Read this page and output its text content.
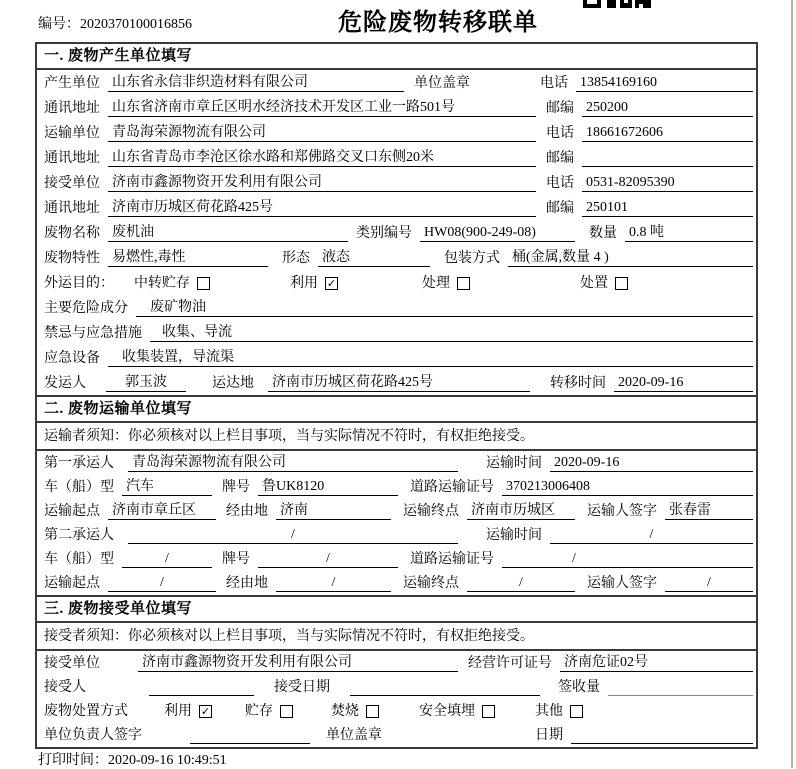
编号：2020370100016856	危险废物转移联单
一. 废物产生单位填写
产生单位 山东省永信非织造材料有限公司	单位盖章	电话 13854169160
通讯地址 山东省济南市章丘区明水经济技术开发区工业一路501号	邮编 250200
运输单位 青岛海荣源物流有限公司	电话 18661672606
通讯地址 山东省青岛市李沧区徐水路和郑佛路交叉口东侧20米	邮编
接受单位 济南市鑫源物资开发利用有限公司	电话 0531-82095390
通讯地址 济南市历城区荷花路425号	邮编 250101
废物名称 废机油	类别编号 HW08(900-249-08)	数量 0.8 吨
废物特性 易燃性,毒性	形态 液态	包装方式 桶(金属,数量 4 )
外运目的：	中转贮存	利用 ✓	处理	处置
主要危险成分	废矿物油
禁忌与应急措施	收集、导流
应急设备	收集装置，导流渠
发运人	郭玉波	运达地	济南市历城区荷花路425号	转移时间 2020-09-16
二. 废物运输单位填写
运输者须知：你必须核对以上栏目事项，当与实际情况不符时，有权拒绝接受。
第一承运人	青岛海荣源物流有限公司	运输时间 2020-09-16
车（船）型 汽车	牌号 鲁UK8120	道路运输证号 370213006408
运输起点 济南市章丘区	经由地 济南	运输终点 济南市历城区	运输人签字 张春雷
第二承运人	/	运输时间	/
车（船）型	/	牌号	/	道路运输证号	/
运输起点	/	经由地	/	运输终点	/	运输人签字	/
三. 废物接受单位填写
接受者须知：你必须核对以上栏目事项，当与实际情况不符时，有权拒绝接受。
接受单位	济南市鑫源物资开发利用有限公司	经营许可证号 济南危证02号
接受人	接受日期	签收量
废物处置方式	利用 ✓ 贮存	焚烧	安全填埋	其他
单位负责人签字	单位盖章	日期
打印时间：2020-09-16 10:49:51
